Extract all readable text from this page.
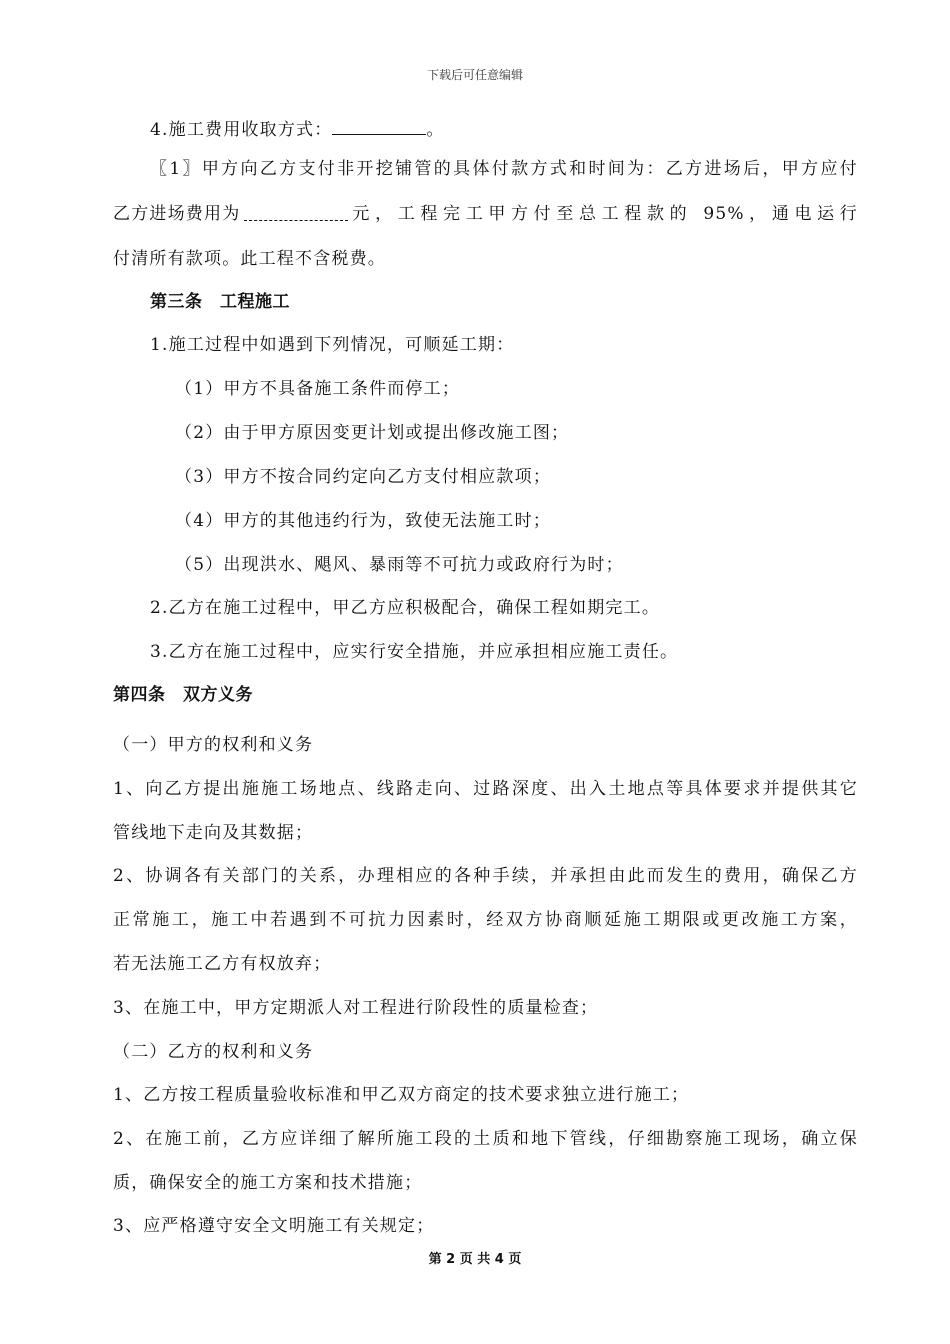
下载后可任意编辑
4.施工费用收取方式：	。
〖1〗甲方向乙方支付非开挖铺管的具体付款方式和时间为：乙方进场后，甲方应付
乙方进场费用为	元，工程完工甲方付至总工程款的 95%，通电运行
付清所有款项。此工程不含税费。
第三条　工程施工
1.施工过程中如遇到下列情况，可顺延工期：
（1）甲方不具备施工条件而停工；
（2）由于甲方原因变更计划或提出修改施工图；
（3）甲方不按合同约定向乙方支付相应款项；
（4）甲方的其他违约行为，致使无法施工时；
（5）出现洪水、飓风、暴雨等不可抗力或政府行为时；
2.乙方在施工过程中，甲乙方应积极配合，确保工程如期完工。
3.乙方在施工过程中，应实行安全措施，并应承担相应施工责任。
第四条　双方义务
（一）甲方的权利和义务
1、向乙方提出施施工场地点、线路走向、过路深度、出入土地点等具体要求并提供其它
管线地下走向及其数据；
2、协调各有关部门的关系，办理相应的各种手续，并承担由此而发生的费用，确保乙方
正常施工，施工中若遇到不可抗力因素时，经双方协商顺延施工期限或更改施工方案，
若无法施工乙方有权放弃；
3、在施工中，甲方定期派人对工程进行阶段性的质量检查；
（二）乙方的权利和义务
1、乙方按工程质量验收标准和甲乙双方商定的技术要求独立进行施工；
2、在施工前，乙方应详细了解所施工段的土质和地下管线，仔细勘察施工现场，确立保
质，确保安全的施工方案和技术措施；
3、应严格遵守安全文明施工有关规定；
第 2 页 共 4 页
